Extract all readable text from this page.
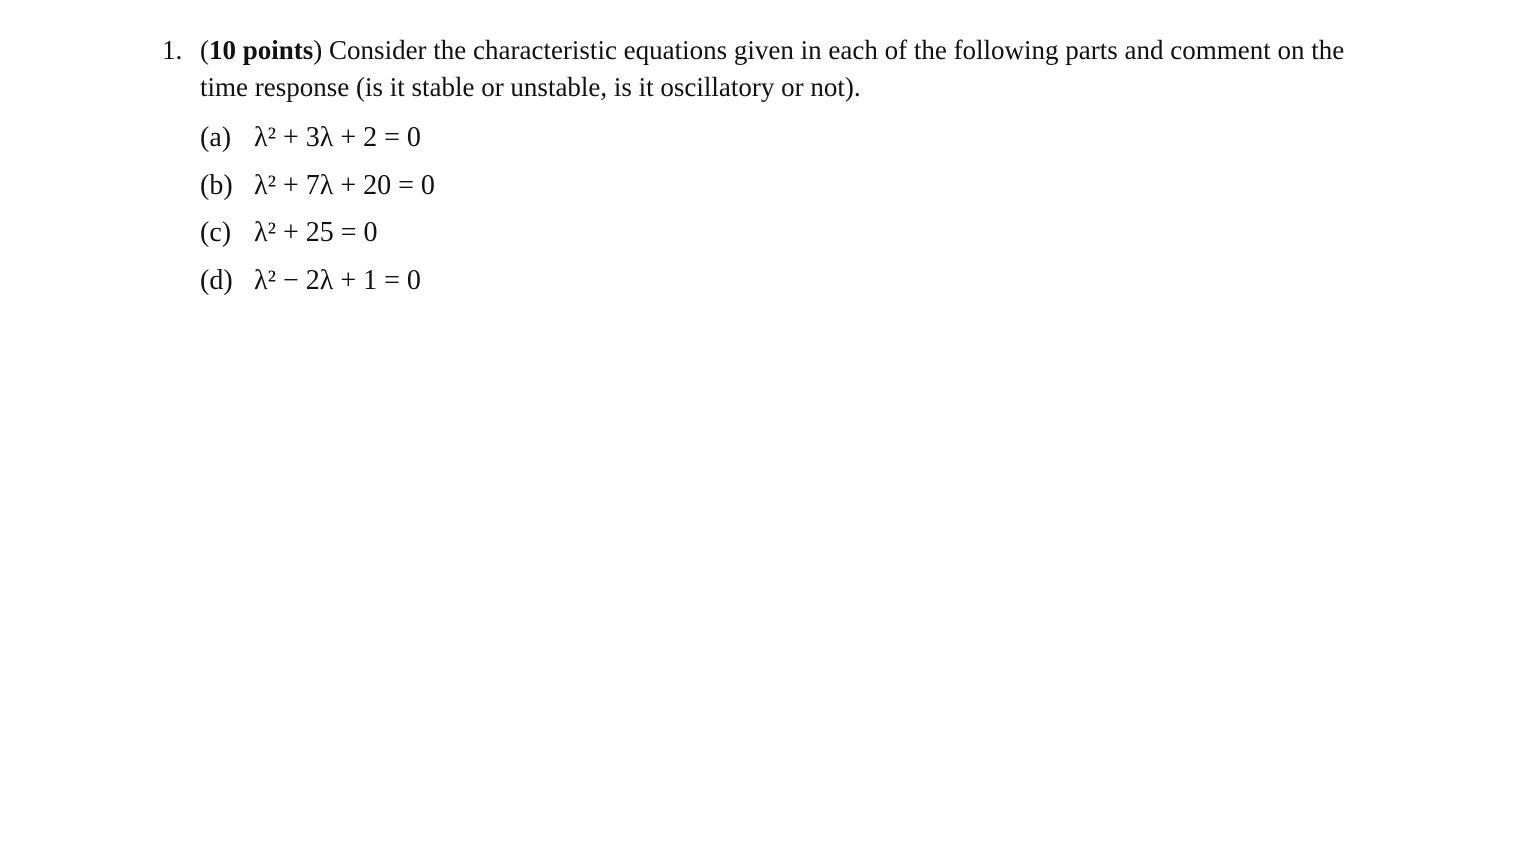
1. (10 points) Consider the characteristic equations given in each of the following parts and comment on the time response (is it stable or unstable, is it oscillatory or not).
(a) λ² + 3λ + 2 = 0
(b) λ² + 7λ + 20 = 0
(c) λ² + 25 = 0
(d) λ² − 2λ + 1 = 0
